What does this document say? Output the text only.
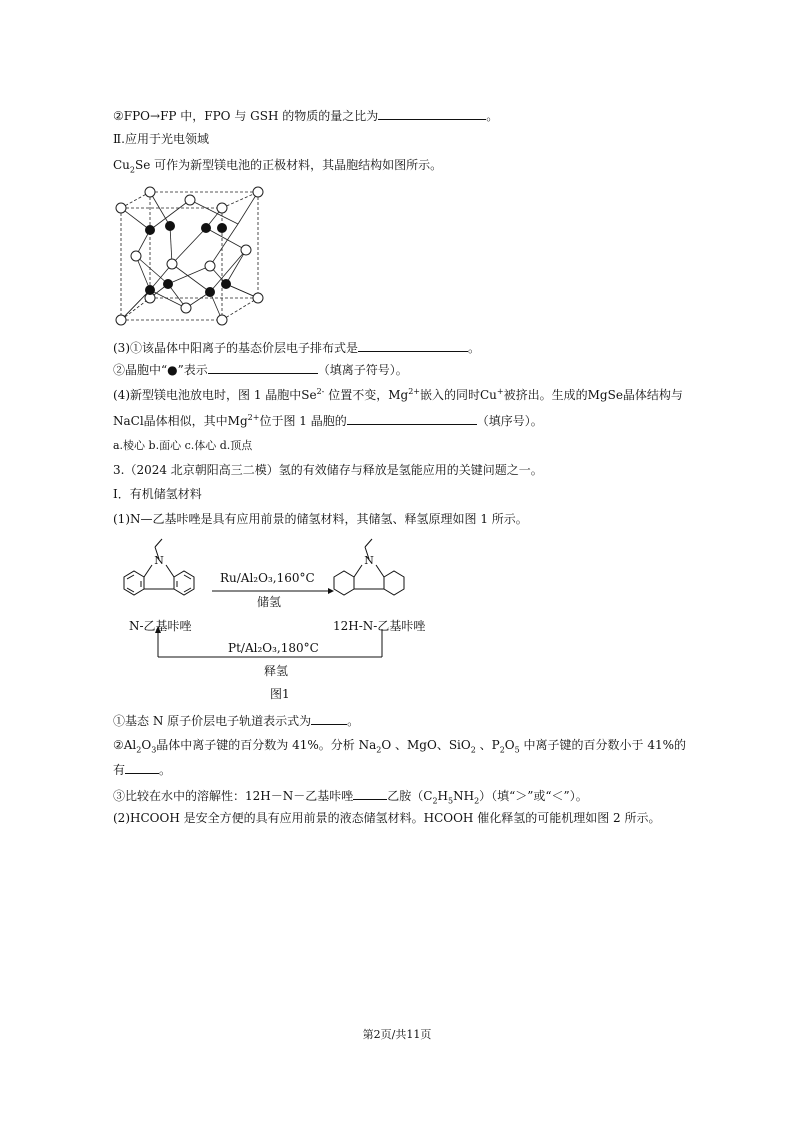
②FPO→FP 中，FPO 与 GSH 的物质的量之比为	。
Ⅱ.应用于光电领域
$Cu_2Se$ 可作为新型镁电池的正极材料，其晶胞结构如图所示。
(3)①该晶体中阳离子的基态价层电子排布式是	。
②晶胞中“●”表示	（填离子符号）。
(4)新型镁电池放电时，图 1 晶胞中$Se^{2-}$ 位置不变，$Mg^{2+}$嵌入的同时Cu+被挤出。生成的MgSe晶体结构与
NaCl晶体相似，其中$Mg^{2+}$位于图 1 晶胞的	（填序号）。
a.棱心 b.面心 c.体心 d.顶点
3.（2024 北京朝阳高三二模）氢的有效储存与释放是氢能应用的关键问题之一。
Ⅰ．有机储氢材料
(1)N—乙基咔唑是具有应用前景的储氢材料，其储氢、释氢原理如图 1 所示。
N	N
Ru/Al₂O₃,160°C
储氢
N-乙基咔唑	12H-N-乙基咔唑
Pt/Al₂O₃,180°C
释氢
图1
①基态 N 原子价层电子轨道表示式为	。
$②Al_2O_3$晶体中离子键的百分数为 41%。分析 $Na_2O$ 、MgO、SiO$_2$ 、$P_2O_5$ 中离子键的百分数小于 41%的
有	。
③比较在水中的溶解性：12H－N－乙基咔唑	乙胺$(C_2H_5NH_2)$（填“＞”或“＜”）。
(2)HCOOH 是安全方便的具有应用前景的液态储氢材料。HCOOH 催化释氢的可能机理如图 2 所示。
第2页/共11页
